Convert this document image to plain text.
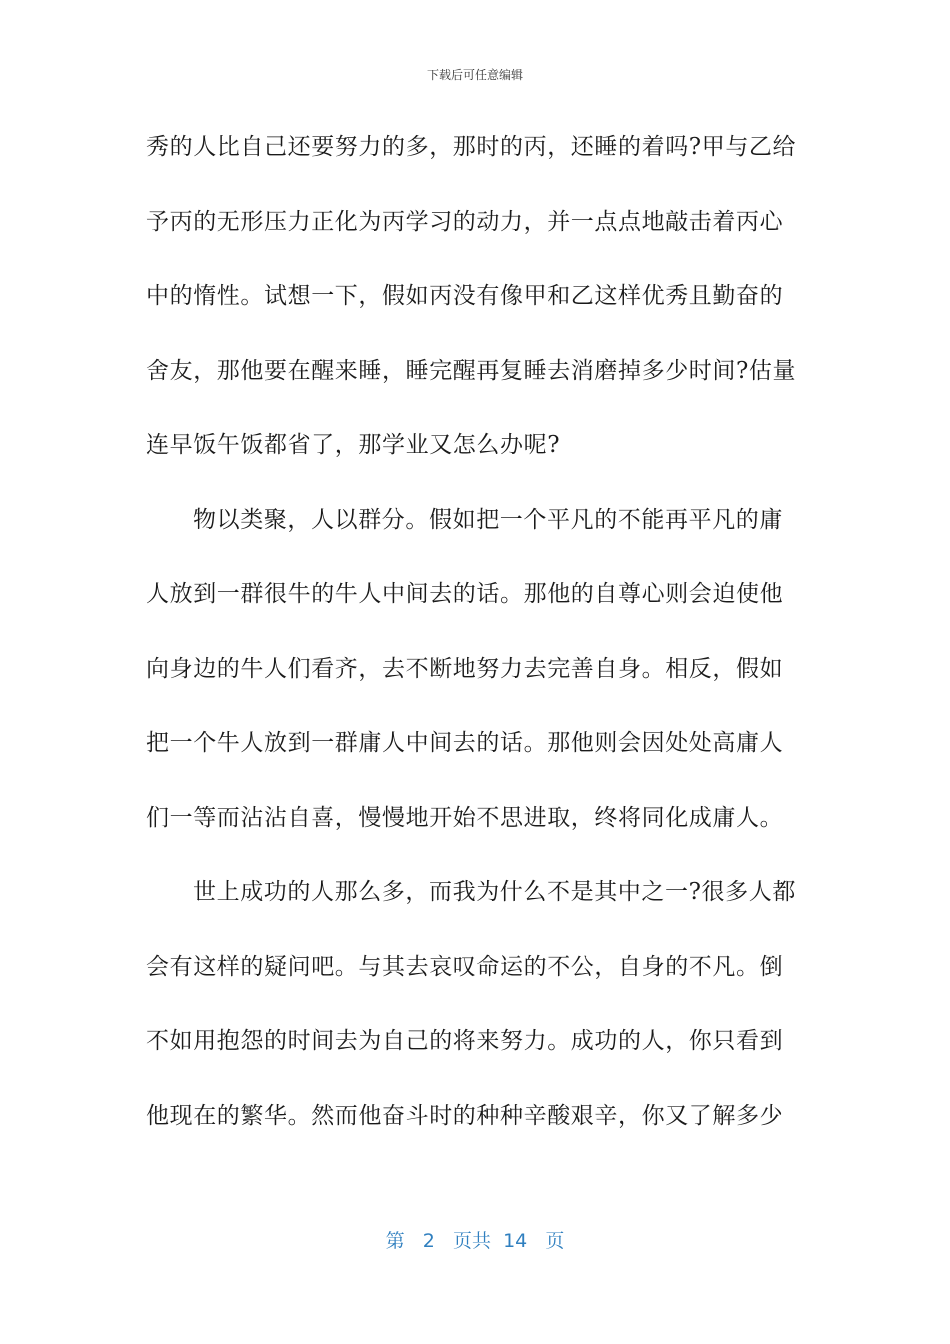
下载后可任意编辑
秀的人比自己还要努力的多，那时的丙，还睡的着吗?甲与乙给
予丙的无形压力正化为丙学习的动力，并一点点地敲击着丙心
中的惰性。试想一下，假如丙没有像甲和乙这样优秀且勤奋的
舍友，那他要在醒来睡，睡完醒再复睡去消磨掉多少时间?估量
连早饭午饭都省了，那学业又怎么办呢?
物以类聚，人以群分。假如把一个平凡的不能再平凡的庸
人放到一群很牛的牛人中间去的话。那他的自尊心则会迫使他
向身边的牛人们看齐，去不断地努力去完善自身。相反，假如
把一个牛人放到一群庸人中间去的话。那他则会因处处高庸人
们一等而沾沾自喜，慢慢地开始不思进取，终将同化成庸人。
世上成功的人那么多，而我为什么不是其中之一?很多人都
会有这样的疑问吧。与其去哀叹命运的不公，自身的不凡。倒
不如用抱怨的时间去为自己的将来努力。成功的人，你只看到
他现在的繁华。然而他奋斗时的种种辛酸艰辛，你又了解多少
第 2 页共 14 页
